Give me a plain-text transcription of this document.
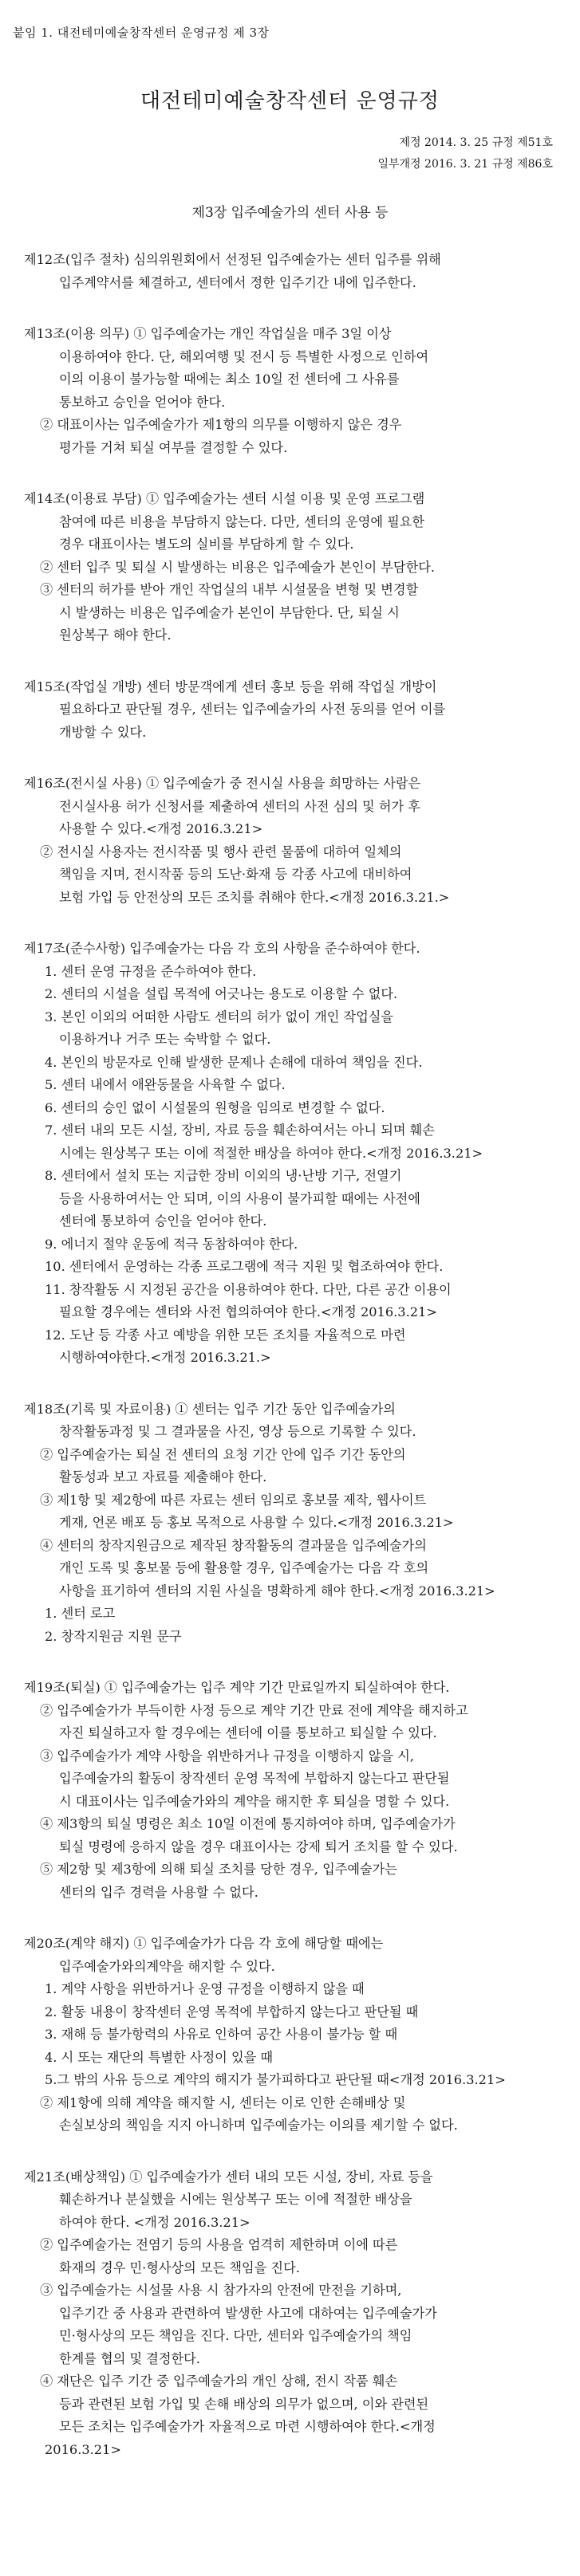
붙임 1. 대전테미예술창작센터 운영규정 제 3장
대전테미예술창작센터 운영규정
제정 2014. 3. 25 규정 제51호
일부개정 2016. 3. 21 규정 제86호
제3장 입주예술가의 센터 사용 등

제12조(입주 절차) 심의위원회에서 선정된 입주예술가는 센터 입주를 위해

입주계약서를 체결하고, 센터에서 정한 입주기간 내에 입주한다.

제13조(이용 의무) ① 입주예술가는 개인 작업실을 매주 3일 이상

이용하여야 한다. 단, 해외여행 및 전시 등 특별한 사정으로 인하여

이의 이용이 불가능할 때에는 최소 10일 전 센터에 그 사유를

통보하고 승인을 얻어야 한다.

② 대표이사는 입주예술가가 제1항의 의무를 이행하지 않은 경우

평가를 거쳐 퇴실 여부를 결정할 수 있다.

제14조(이용료 부담) ① 입주예술가는 센터 시설 이용 및 운영 프로그램

참여에 따른 비용을 부담하지 않는다. 다만, 센터의 운영에 필요한

경우 대표이사는 별도의 실비를 부담하게 할 수 있다.

② 센터 입주 및 퇴실 시 발생하는 비용은 입주예술가 본인이 부담한다.

③ 센터의 허가를 받아 개인 작업실의 내부 시설물을 변형 및 변경할

시 발생하는 비용은 입주예술가 본인이 부담한다. 단, 퇴실 시

원상복구 해야 한다.

제15조(작업실 개방) 센터 방문객에게 센터 홍보 등을 위해 작업실 개방이

필요하다고 판단될 경우, 센터는 입주예술가의 사전 동의를 얻어 이를

개방할 수 있다.

제16조(전시실 사용) ① 입주예술가 중 전시실 사용을 희망하는 사람은

전시실사용 허가 신청서를 제출하여 센터의 사전 심의 및 허가 후

사용할 수 있다.<개정 2016.3.21>

② 전시실 사용자는 전시작품 및 행사 관련 물품에 대하여 일체의

책임을 지며, 전시작품 등의 도난·화재 등 각종 사고에 대비하여

보험 가입 등 안전상의 모든 조치를 취해야 한다.<개정 2016.3.21.>

제17조(준수사항) 입주예술가는 다음 각 호의 사항을 준수하여야 한다.

1. 센터 운영 규정을 준수하여야 한다.

2. 센터의 시설을 설립 목적에 어긋나는 용도로 이용할 수 없다.

3. 본인 이외의 어떠한 사람도 센터의 허가 없이 개인 작업실을

이용하거나 거주 또는 숙박할 수 없다.

4. 본인의 방문자로 인해 발생한 문제나 손해에 대하여 책임을 진다.

5. 센터 내에서 애완동물을 사육할 수 없다.

6. 센터의 승인 없이 시설물의 원형을 임의로 변경할 수 없다.

7. 센터 내의 모든 시설, 장비, 자료 등을 훼손하여서는 아니 되며 훼손

시에는 원상복구 또는 이에 적절한 배상을 하여야 한다.<개정 2016.3.21>

8. 센터에서 설치 또는 지급한 장비 이외의 냉·난방 기구, 전열기

등을 사용하여서는 안 되며, 이의 사용이 불가피할 때에는 사전에

센터에 통보하여 승인을 얻어야 한다.

9. 에너지 절약 운동에 적극 동참하여야 한다.

10. 센터에서 운영하는 각종 프로그램에 적극 지원 및 협조하여야 한다.

11. 창작활동 시 지정된 공간을 이용하여야 한다. 다만, 다른 공간 이용이

필요할 경우에는 센터와 사전 협의하여야 한다.<개정 2016.3.21>

12. 도난 등 각종 사고 예방을 위한 모든 조치를 자율적으로 마련

시행하여야한다.<개정 2016.3.21.>

제18조(기록 및 자료이용) ① 센터는 입주 기간 동안 입주예술가의

창작활동과정 및 그 결과물을 사진, 영상 등으로 기록할 수 있다.

② 입주예술가는 퇴실 전 센터의 요청 기간 안에 입주 기간 동안의

활동성과 보고 자료를 제출해야 한다.

③ 제1항 및 제2항에 따른 자료는 센터 임의로 홍보물 제작, 웹사이트

게재, 언론 배포 등 홍보 목적으로 사용할 수 있다.<개정 2016.3.21>

④ 센터의 창작지원금으로 제작된 창작활동의 결과물을 입주예술가의

개인 도록 및 홍보물 등에 활용할 경우, 입주예술가는 다음 각 호의

사항을 표기하여 센터의 지원 사실을 명확하게 해야 한다.<개정 2016.3.21>

1. 센터 로고

2. 창작지원금 지원 문구

제19조(퇴실) ① 입주예술가는 입주 계약 기간 만료일까지 퇴실하여야 한다.

② 입주예술가가 부득이한 사정 등으로 계약 기간 만료 전에 계약을 해지하고

자진 퇴실하고자 할 경우에는 센터에 이를 통보하고 퇴실할 수 있다.

③ 입주예술가가 계약 사항을 위반하거나 규정을 이행하지 않을 시,

입주예술가의 활동이 창작센터 운영 목적에 부합하지 않는다고 판단될

시 대표이사는 입주예술가와의 계약을 해지한 후 퇴실을 명할 수 있다.

④ 제3항의 퇴실 명령은 최소 10일 이전에 통지하여야 하며, 입주예술가가

퇴실 명령에 응하지 않을 경우 대표이사는 강제 퇴거 조치를 할 수 있다.

⑤ 제2항 및 제3항에 의해 퇴실 조치를 당한 경우, 입주예술가는

센터의 입주 경력을 사용할 수 없다.

제20조(계약 해지) ① 입주예술가가 다음 각 호에 해당할 때에는

입주예술가와의계약을 해지할 수 있다.

1. 계약 사항을 위반하거나 운영 규정을 이행하지 않을 때

2. 활동 내용이 창작센터 운영 목적에 부합하지 않는다고 판단될 때

3. 재해 등 불가항력의 사유로 인하여 공간 사용이 불가능 할 때

4. 시 또는 재단의 특별한 사정이 있을 때

5.그 밖의 사유 등으로 계약의 해지가 불가피하다고 판단될 때<개정 2016.3.21>

② 제1항에 의해 계약을 해지할 시, 센터는 이로 인한 손해배상 및

손실보상의 책임을 지지 아니하며 입주예술가는 이의를 제기할 수 없다.

제21조(배상책임) ① 입주예술가가 센터 내의 모든 시설, 장비, 자료 등을

훼손하거나 분실했을 시에는 원상복구 또는 이에 적절한 배상을

하여야 한다. <개정 2016.3.21>

② 입주예술가는 전염기 등의 사용을 엄격히 제한하며 이에 따른

화재의 경우 민·형사상의 모든 책임을 진다.

③ 입주예술가는 시설물 사용 시 참가자의 안전에 만전을 기하며,

입주기간 중 사용과 관련하여 발생한 사고에 대하여는 입주예술가가

민·형사상의 모든 책임을 진다. 다만, 센터와 입주예술가의 책임

한계를 협의 및 결정한다.

④ 재단은 입주 기간 중 입주예술가의 개인 상해, 전시 작품 훼손

등과 관련된 보험 가입 및 손해 배상의 의무가 없으며, 이와 관련된

모든 조치는 입주예술가가 자율적으로 마련 시행하여야 한다.<개정

2016.3.21>
